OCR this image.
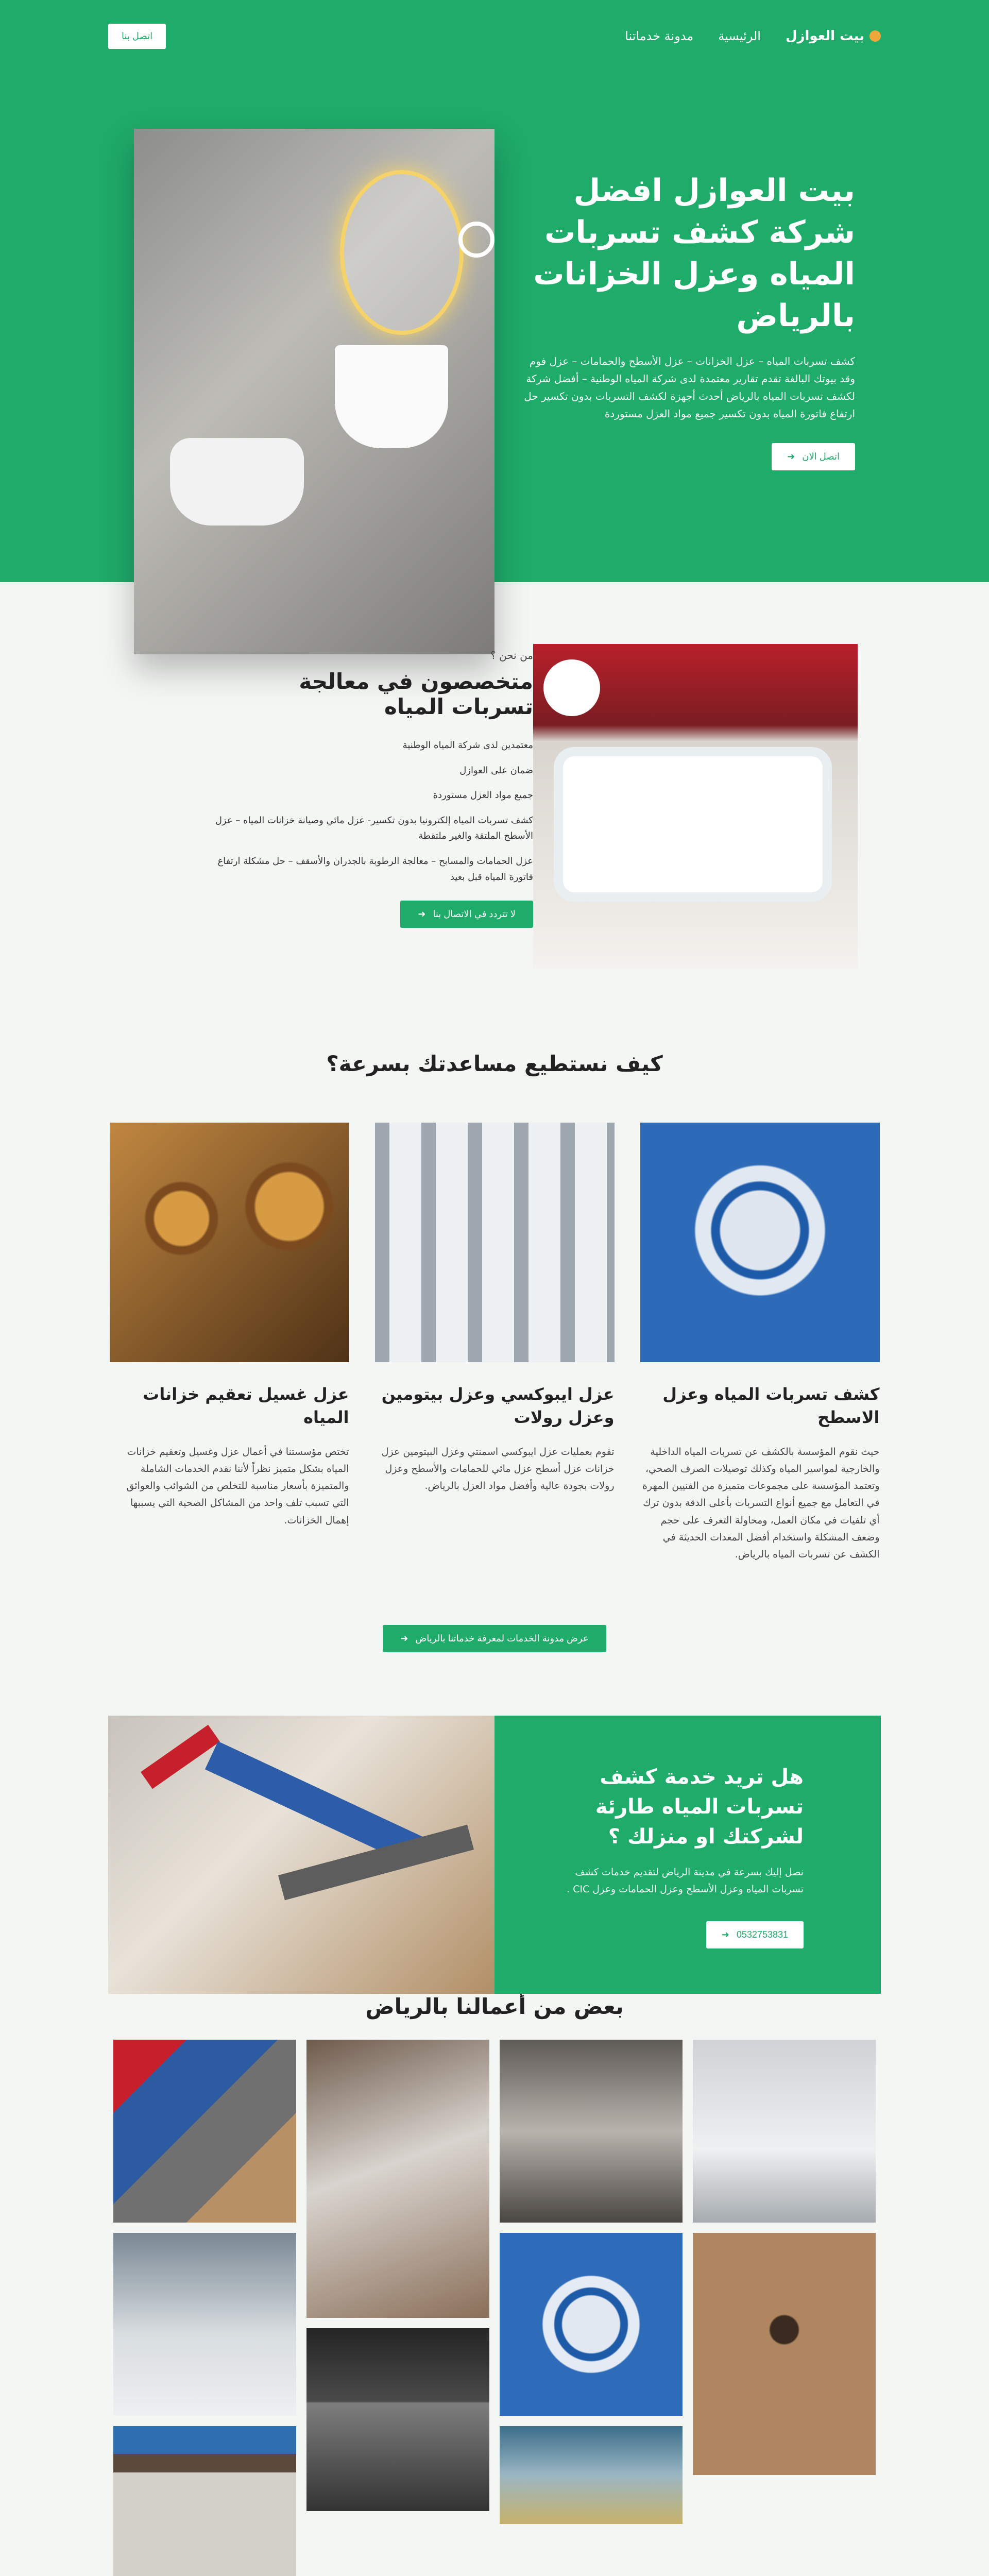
بيت العوازل
الرئيسية
مدونة خدماتنا
اتصل بنا
بيت العوازل افضل شركة كشف تسربات المياه وعزل الخزانات بالرياض

كشف تسربات المياه – عزل الخزانات – عزل الأسطح والحمامات – عزل فوم وقد بيوتك البالغة تقدم تقارير معتمدة لدى شركة المياه الوطنية – أفضل شركة لكشف تسربات المياه بالرياض أحدث أجهزة لكشف التسربات بدون تكسير حل ارتفاع فاتورة المياه بدون تكسير جميع مواد العزل مستوردة

اتصل الان
➜
من نحن ؟
متخصصون في معالجة تسربات المياه
معتمدين لدى شركة المياه الوطنية
ضمان على العوازل
جميع مواد العزل مستوردة
كشف تسربات المياه إلكترونيا بدون تكسير- عزل مائي وصيانة خزانات المياه – عزل الأسطح الملتقة والغير ملتقطة
عزل الحمامات والمسابح – معالجة الرطوبة بالجدران والأسقف – حل مشكلة ارتفاع فاتورة المياه قبل بعيد
لا تتردد في الاتصال بنا
➜
كيف نستطيع مساعدتك بسرعة؟
كشف تسربات المياه وعزل الاسطح

حيث نقوم المؤسسة بالكشف عن تسربات المياه الداخلية والخارجية لمواسير المياه وكذلك توصيلات الصرف الصحي، وتعتمد المؤسسة على مجموعات متميزة من الفنيين المهرة في التعامل مع جميع أنواع التسربات بأعلى الدقة بدون ترك أي تلفيات في مكان العمل، ومحاولة التعرف على حجم وضعف المشكلة واستخدام أفضل المعدات الحديثة في الكشف عن تسربات المياه بالرياض.

عزل ايبوكسي وعزل بيتومين وعزل رولات

تقوم بعمليات عزل ايبوكسي اسمنتي وعزل البيتومين عزل خزانات عزل أسطح عزل مائي للحمامات والأسطح وعزل رولات بجودة عالية وأفضل مواد العزل بالرياض.

عزل غسيل تعقيم خزانات المياه

تختص مؤسستنا في أعمال عزل وغسيل وتعقيم خزانات المياه بشكل متميز نظراً لأننا نقدم الخدمات الشاملة والمتميزة بأسعار مناسبة للتخلص من الشوائب والعوائق التي تسبب تلف واحد من المشاكل الصحية التي يسببها إهمال الخزانات.

عرض مدونة الخدمات لمعرفة خدماتنا بالرياض
➜
هل تريد خدمة كشف تسربات المياه طارئة لشركتك او منزلك ؟

نصل إليك بسرعة في مدينة الرياض لتقديم خدمات كشف تسربات المياه وعزل الأسطح وعزل الحمامات وعزل CIC .

0532753831
➜
بعض من أعمالنا بالرياض
